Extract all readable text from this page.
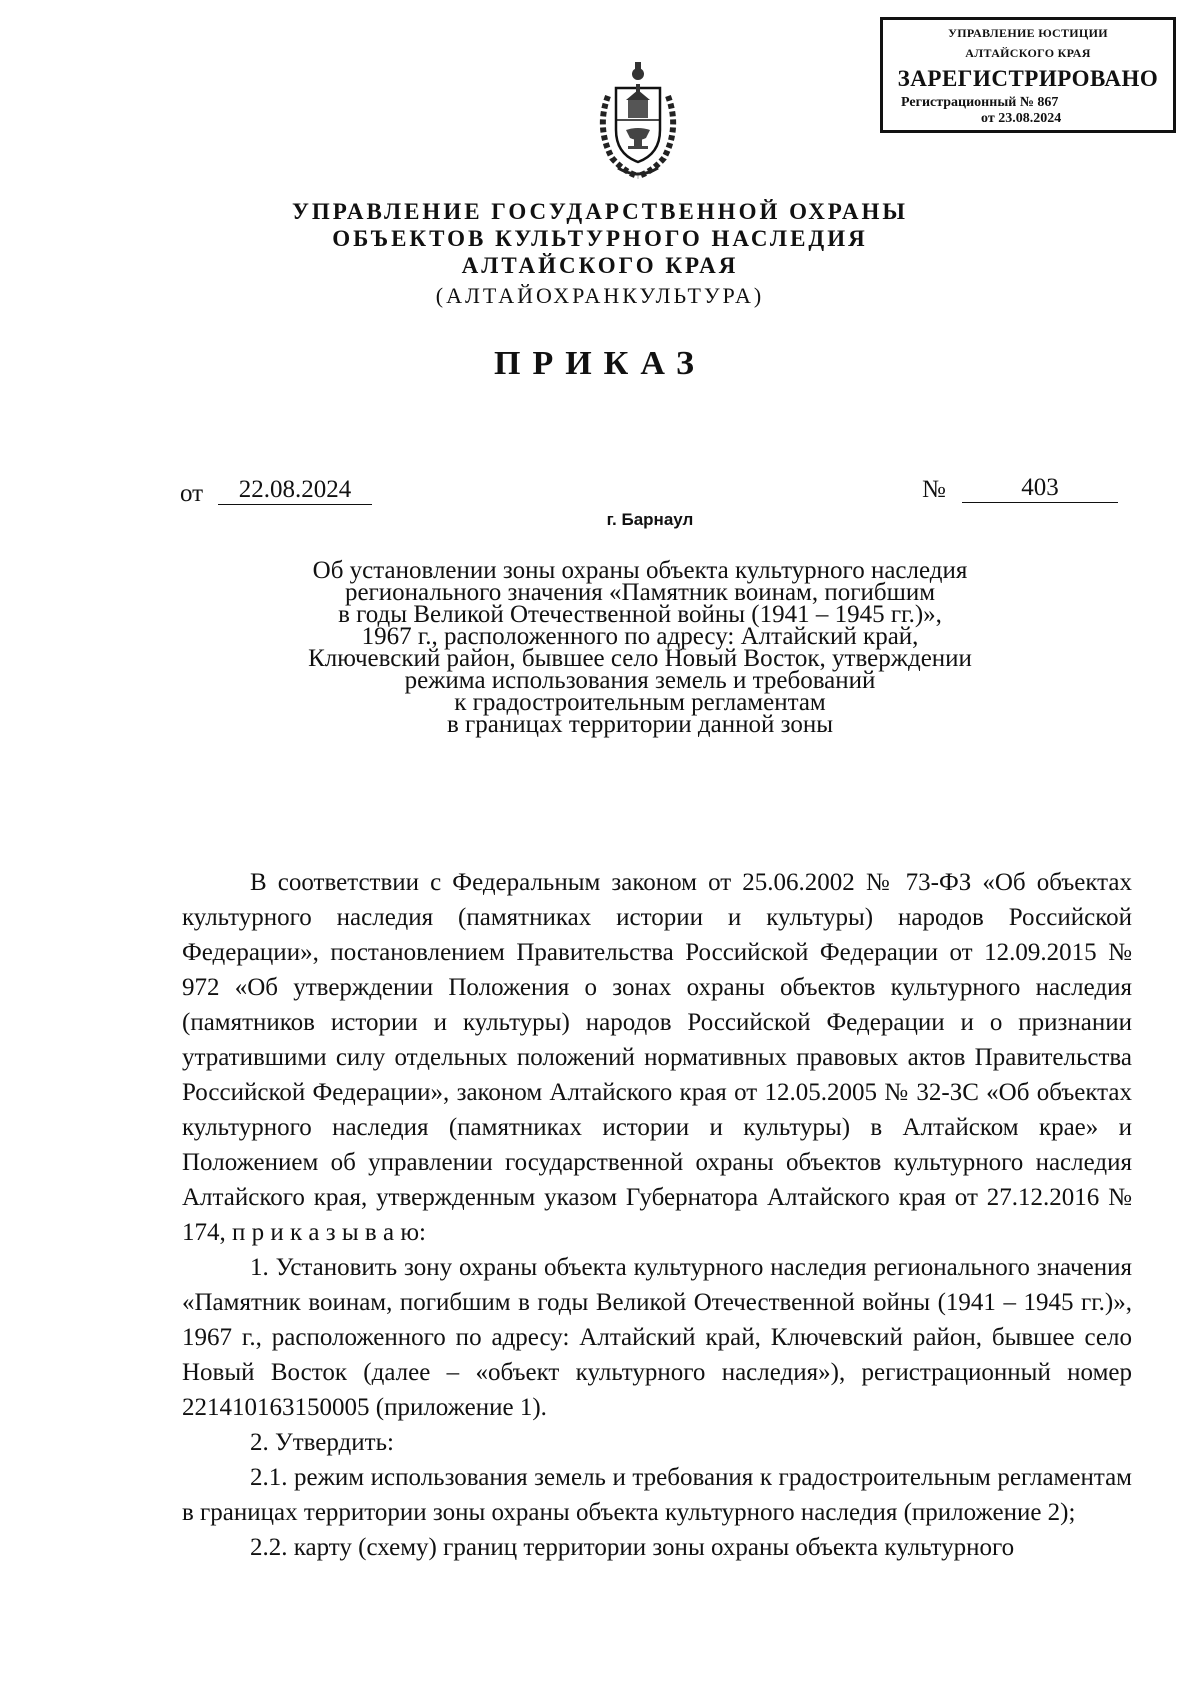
УПРАВЛЕНИЕ ЮСТИЦИИ
АЛТАЙСКОГО КРАЯ
ЗАРЕГИСТРИРОВАНО
Регистрационный № 867
от 23.08.2024
УПРАВЛЕНИЕ ГОСУДАРСТВЕННОЙ ОХРАНЫ
ОБЪЕКТОВ КУЛЬТУРНОГО НАСЛЕДИЯ
АЛТАЙСКОГО КРАЯ
(АЛТАЙОХРАНКУЛЬТУРА)
ПРИКАЗ
от	22.08.2024	№	403
г. Барнаул
Об установлении зоны охраны объекта культурного наследия
регионального значения «Памятник воинам, погибшим
в годы Великой Отечественной войны (1941 – 1945 гг.)»,
1967 г., расположенного по адресу: Алтайский край,
Ключевский район, бывшее село Новый Восток, утверждении
режима использования земель и требований
к градостроительным регламентам
в границах территории данной зоны

В соответствии с Федеральным законом от 25.06.2002 № 73-ФЗ «Об объектах культурного наследия (памятниках истории и культуры) народов Российской Федерации», постановлением Правительства Российской Федерации от 12.09.2015 № 972 «Об утверждении Положения о зонах охраны объектов культурного наследия (памятников истории и культуры) народов Российской Федерации и о признании утратившими силу отдельных положений нормативных правовых актов Правительства Российской Федерации», законом Алтайского края от 12.05.2005 № 32-ЗС «Об объектах культурного наследия (памятниках истории и культуры) в Алтайском крае» и Положением об управлении государственной охраны объектов культурного наследия Алтайского края, утвержденным указом Губернатора Алтайского края от 27.12.2016 № 174, п р и к а з ы в а ю:

1. Установить зону охраны объекта культурного наследия регионального значения «Памятник воинам, погибшим в годы Великой Отечественной войны (1941 – 1945 гг.)», 1967 г., расположенного по адресу: Алтайский край, Ключевский район, бывшее село Новый Восток (далее – «объект культурного наследия»), регистрационный номер 221410163150005 (приложение 1).

2. Утвердить:

2.1. режим использования земель и требования к градостроительным регламентам в границах территории зоны охраны объекта культурного наследия (приложение 2);

2.2. карту (схему) границ территории зоны охраны объекта культурного
